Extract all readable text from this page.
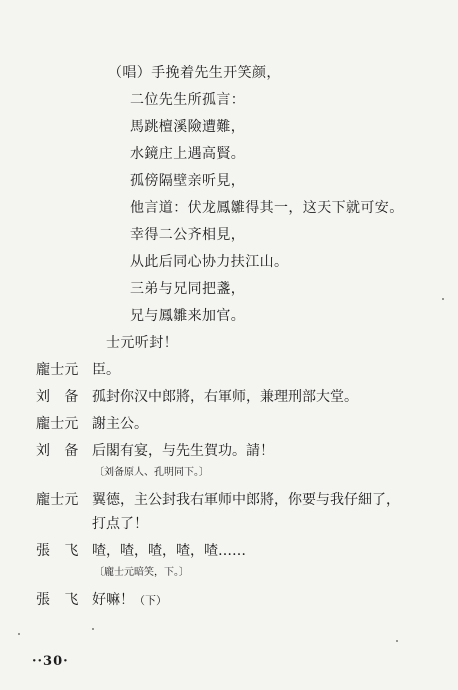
（唱）手挽着先生开笑颜，
二位先生所孤言：
馬跳檀溪險遭難，
水鏡庄上遇高賢。
孤傍隔壁亲听見，
他言道：伏龙鳳雛得其一，这天下就可安。
幸得二公齐相見，
从此后同心协力扶江山。
三弟与兄同把盞，
兄与鳳雛来加官。
士元听封！
龐士元 臣。
刘　备 孤封你汉中郎將，右軍师，兼理刑部大堂。
龐士元 謝主公。
刘　备 后閣有宴，与先生賀功。請！
〔刘备原人、孔明同下。〕
龐士元 翼德，主公封我右軍师中郎將，你要与我仔細了，
打点了！
張　飞 喳，喳，喳，喳，喳……
〔龐士元暗笑，下。〕
張　飞 好嘛！（下）
··30·
